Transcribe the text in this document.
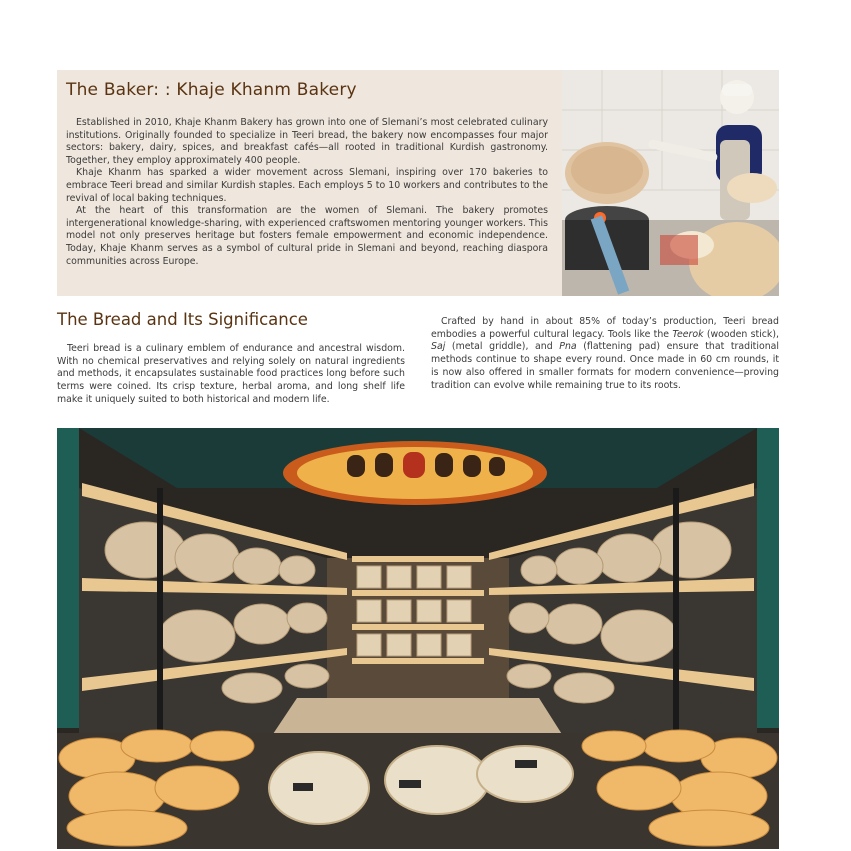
The Baker: : Khaje Khanm Bakery

Established in 2010, Khaje Khanm Bakery has grown into one of Slemani’s most celebrated culinary institutions. Originally founded to specialize in Teeri bread, the bakery now encompasses four major sectors: bakery, dairy, spices, and breakfast cafés—all rooted in traditional Kurdish gastronomy. Together, they employ approximately 400 people.

Khaje Khanm has sparked a wider movement across Slemani, inspiring over 170 bakeries to embrace Teeri bread and similar Kurdish staples. Each employs 5 to 10 workers and contributes to the revival of local baking techniques.

At the heart of this transformation are the women of Slemani. The bakery promotes intergenerational knowledge-sharing, with experienced craftswomen mentoring younger workers. This model not only preserves heritage but fosters female empowerment and economic independence. Today, Khaje Khanm serves as a symbol of cultural pride in Slemani and beyond, reaching diaspora communities across Europe.

The Bread and Its Significance

Teeri bread is a culinary emblem of endurance and ancestral wisdom. With no chemical preservatives and relying solely on natural ingredients and methods, it encapsulates sustainable food practices long before such terms were coined. Its crisp texture, herbal aroma, and long shelf life make it uniquely suited to both historical and modern life.

Crafted by hand in about 85% of today’s production, Teeri bread embodies a powerful cultural legacy. Tools like the Teerok (wooden stick), Saj (metal griddle), and Pna (flattening pad) ensure that traditional methods continue to shape every round. Once made in 60 cm rounds, it is now also offered in smaller formats for modern convenience—proving tradition can evolve while remaining true to its roots.
